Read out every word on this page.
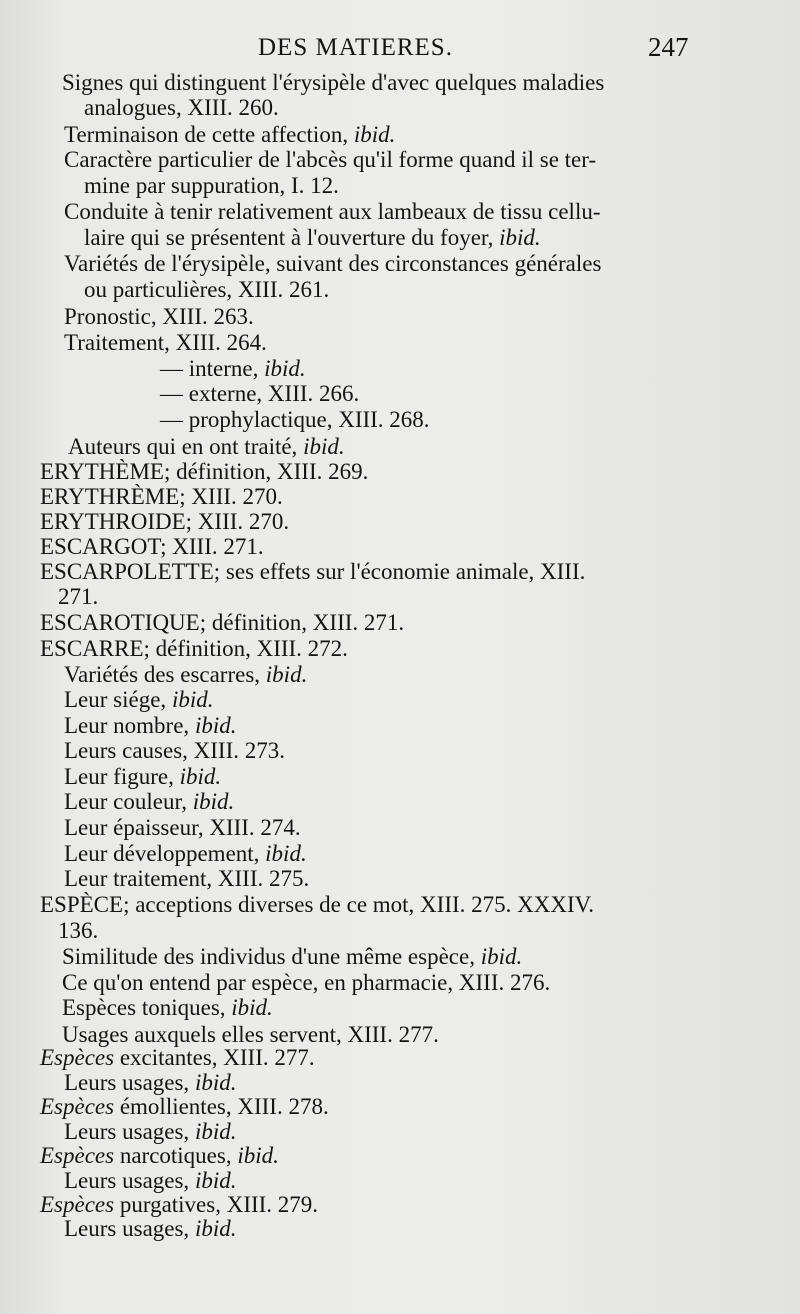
DES MATIERES.	247
Signes qui distinguent l'érysipèle d'avec quelques maladies
analogues, XIII. 260.
Terminaison de cette affection, ibid.
Caractère particulier de l'abcès qu'il forme quand il se ter-
mine par suppuration, I. 12.
Conduite à tenir relativement aux lambeaux de tissu cellu-
laire qui se présentent à l'ouverture du foyer, ibid.
Variétés de l'érysipèle, suivant des circonstances générales
ou particulières, XIII. 261.
Pronostic, XIII. 263.
Traitement, XIII. 264.
— interne, ibid.
— externe, XIII. 266.
— prophylactique, XIII. 268.
Auteurs qui en ont traité, ibid.
ERYTHÈME; définition, XIII. 269.
ERYTHRÈME; XIII. 270.
ERYTHROIDE; XIII. 270.
ESCARGOT; XIII. 271.
ESCARPOLETTE; ses effets sur l'économie animale, XIII.
271.
ESCAROTIQUE; définition, XIII. 271.
ESCARRE; définition, XIII. 272.
Variétés des escarres, ibid.
Leur siége, ibid.
Leur nombre, ibid.
Leurs causes, XIII. 273.
Leur figure, ibid.
Leur couleur, ibid.
Leur épaisseur, XIII. 274.
Leur développement, ibid.
Leur traitement, XIII. 275.
ESPÈCE; acceptions diverses de ce mot, XIII. 275. XXXIV.
136.
Similitude des individus d'une même espèce, ibid.
Ce qu'on entend par espèce, en pharmacie, XIII. 276.
Espèces toniques, ibid.
Usages auxquels elles servent, XIII. 277.
Espèces excitantes, XIII. 277.
Leurs usages, ibid.
Espèces émollientes, XIII. 278.
Leurs usages, ibid.
Espèces narcotiques, ibid.
Leurs usages, ibid.
Espèces purgatives, XIII. 279.
Leurs usages, ibid.
